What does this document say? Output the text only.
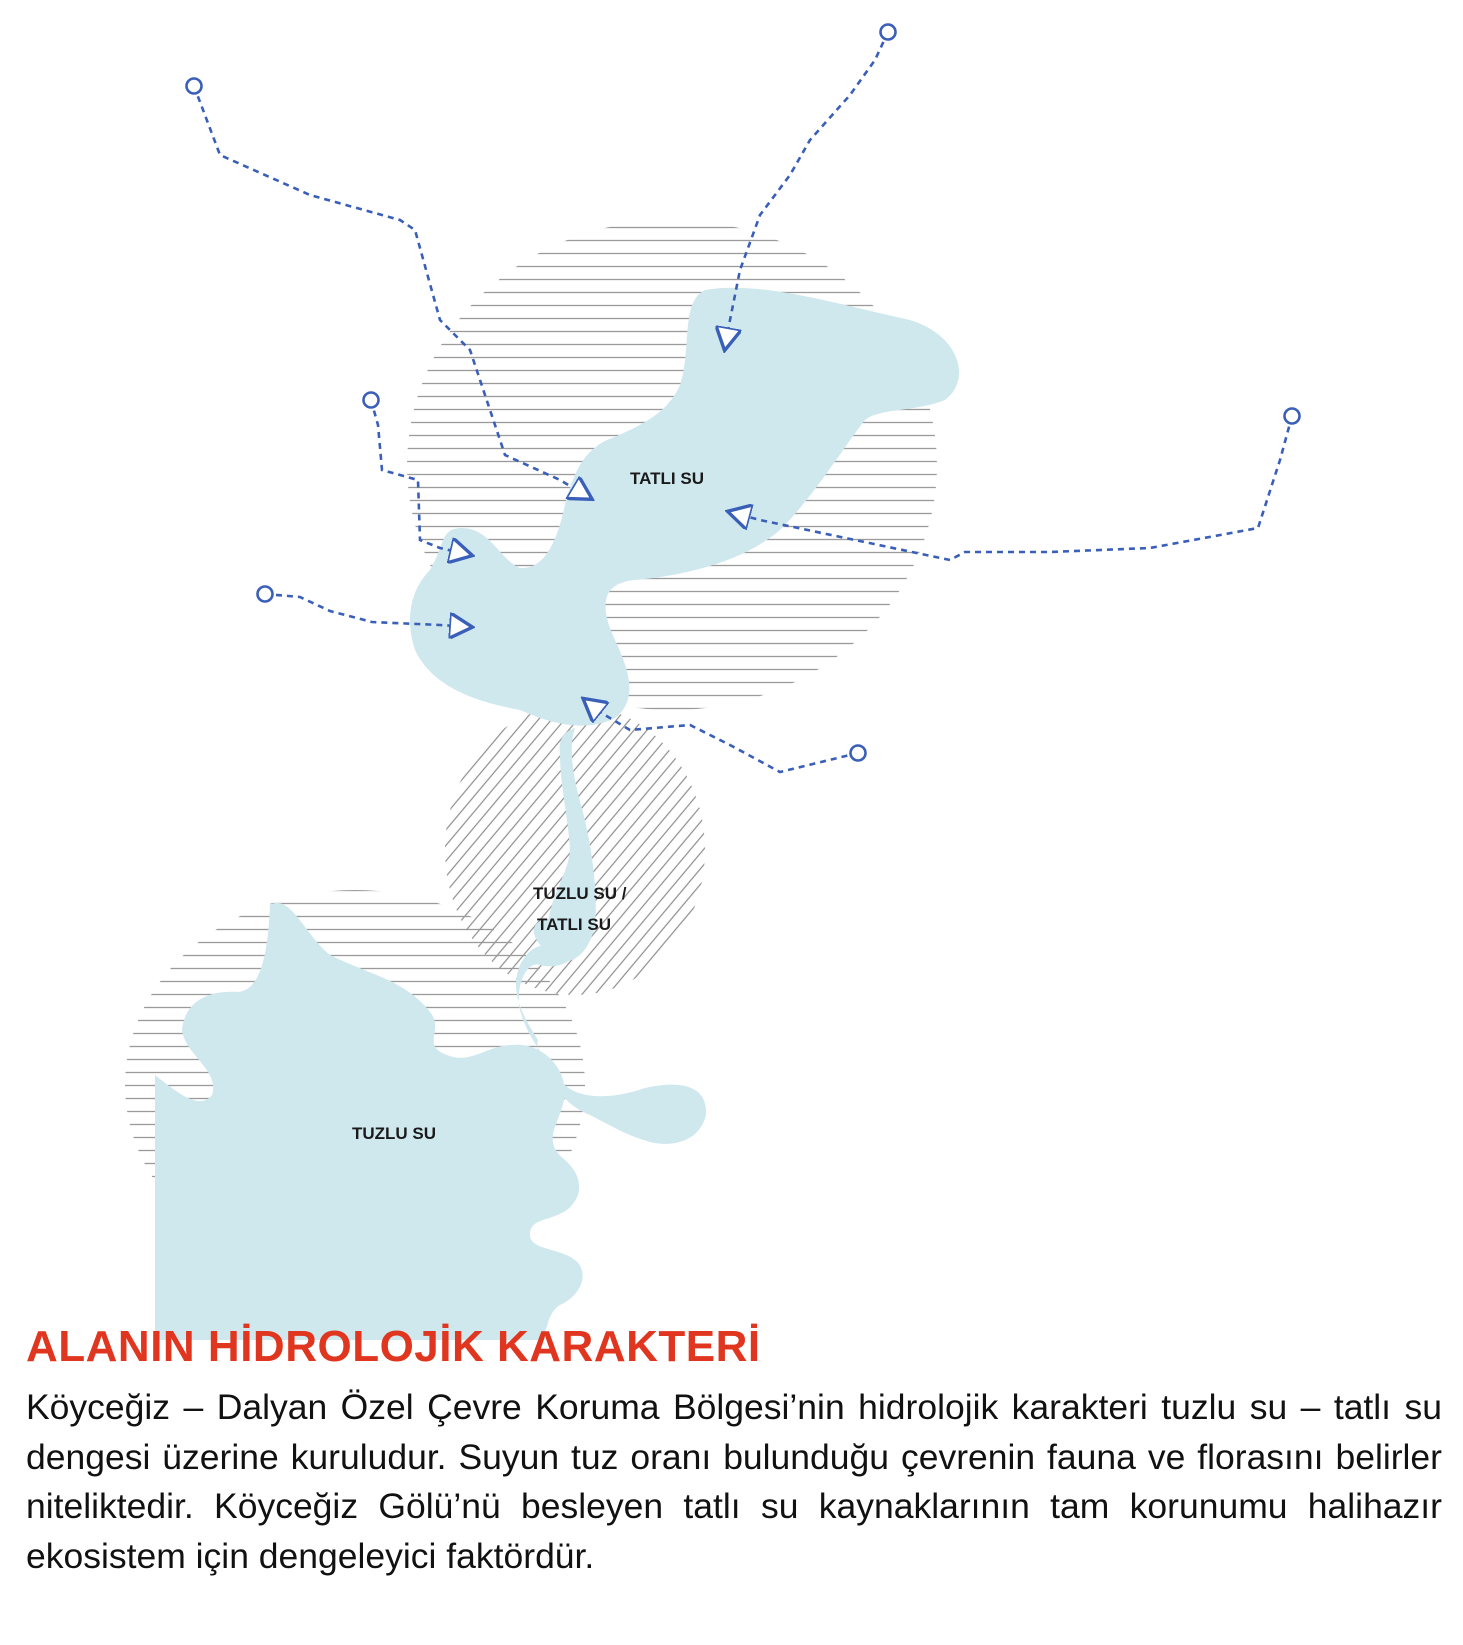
TATLI SU
TUZLU SU /
TATLI SU
TUZLU SU
ALANIN HİDROLOJİK KARAKTERİ

Köyceğiz – Dalyan Özel Çevre Koruma Bölgesi’nin hidrolojik karakteri tuzlu su – tatlı su dengesi üzerine kuruludur. Suyun tuz oranı bulunduğu çevrenin fauna ve florasını belirler niteliktedir. Köyceğiz Gölü’nü besleyen tatlı su kaynaklarının tam korunumu halihazır ekosistem için dengeleyici faktördür.
